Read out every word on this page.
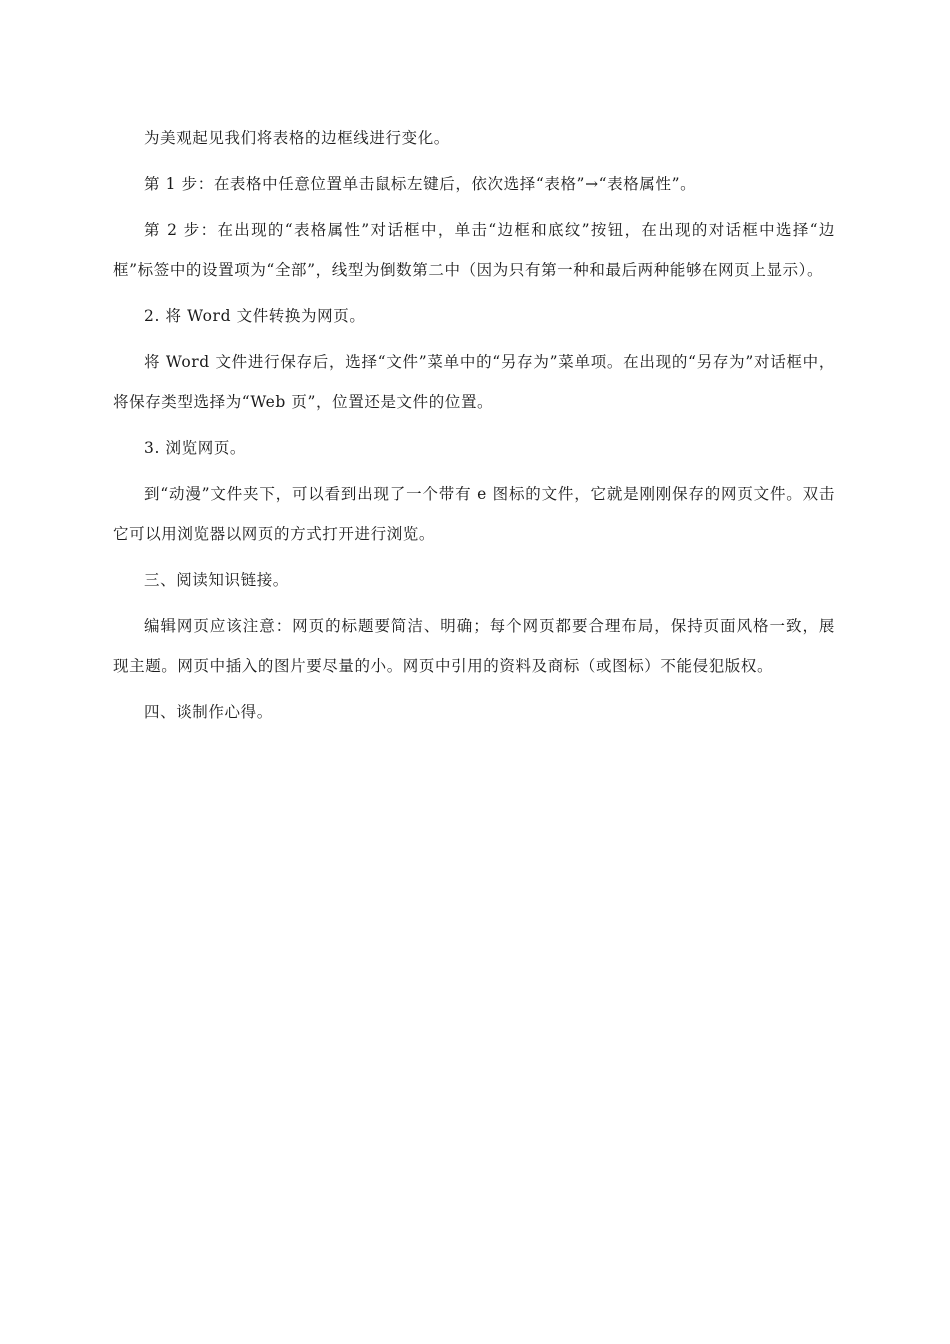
为美观起见我们将表格的边框线进行变化。

第 1 步：在表格中任意位置单击鼠标左键后，依次选择“表格”→“表格属性”。

第 2 步：在出现的“表格属性”对话框中，单击“边框和底纹”按钮，在出现的对话框中选择“边框”标签中的设置项为“全部”，线型为倒数第二中（因为只有第一种和最后两种能够在网页上显示）。

2. 将 Word 文件转换为网页。

将 Word 文件进行保存后，选择“文件”菜单中的“另存为”菜单项。在出现的“另存为”对话框中，将保存类型选择为“Web 页”，位置还是文件的位置。

3. 浏览网页。

到“动漫”文件夹下，可以看到出现了一个带有 e 图标的文件，它就是刚刚保存的网页文件。双击它可以用浏览器以网页的方式打开进行浏览。

三、阅读知识链接。

编辑网页应该注意：网页的标题要简洁、明确；每个网页都要合理布局，保持页面风格一致，展现主题。网页中插入的图片要尽量的小。网页中引用的资料及商标（或图标）不能侵犯版权。

四、谈制作心得。
